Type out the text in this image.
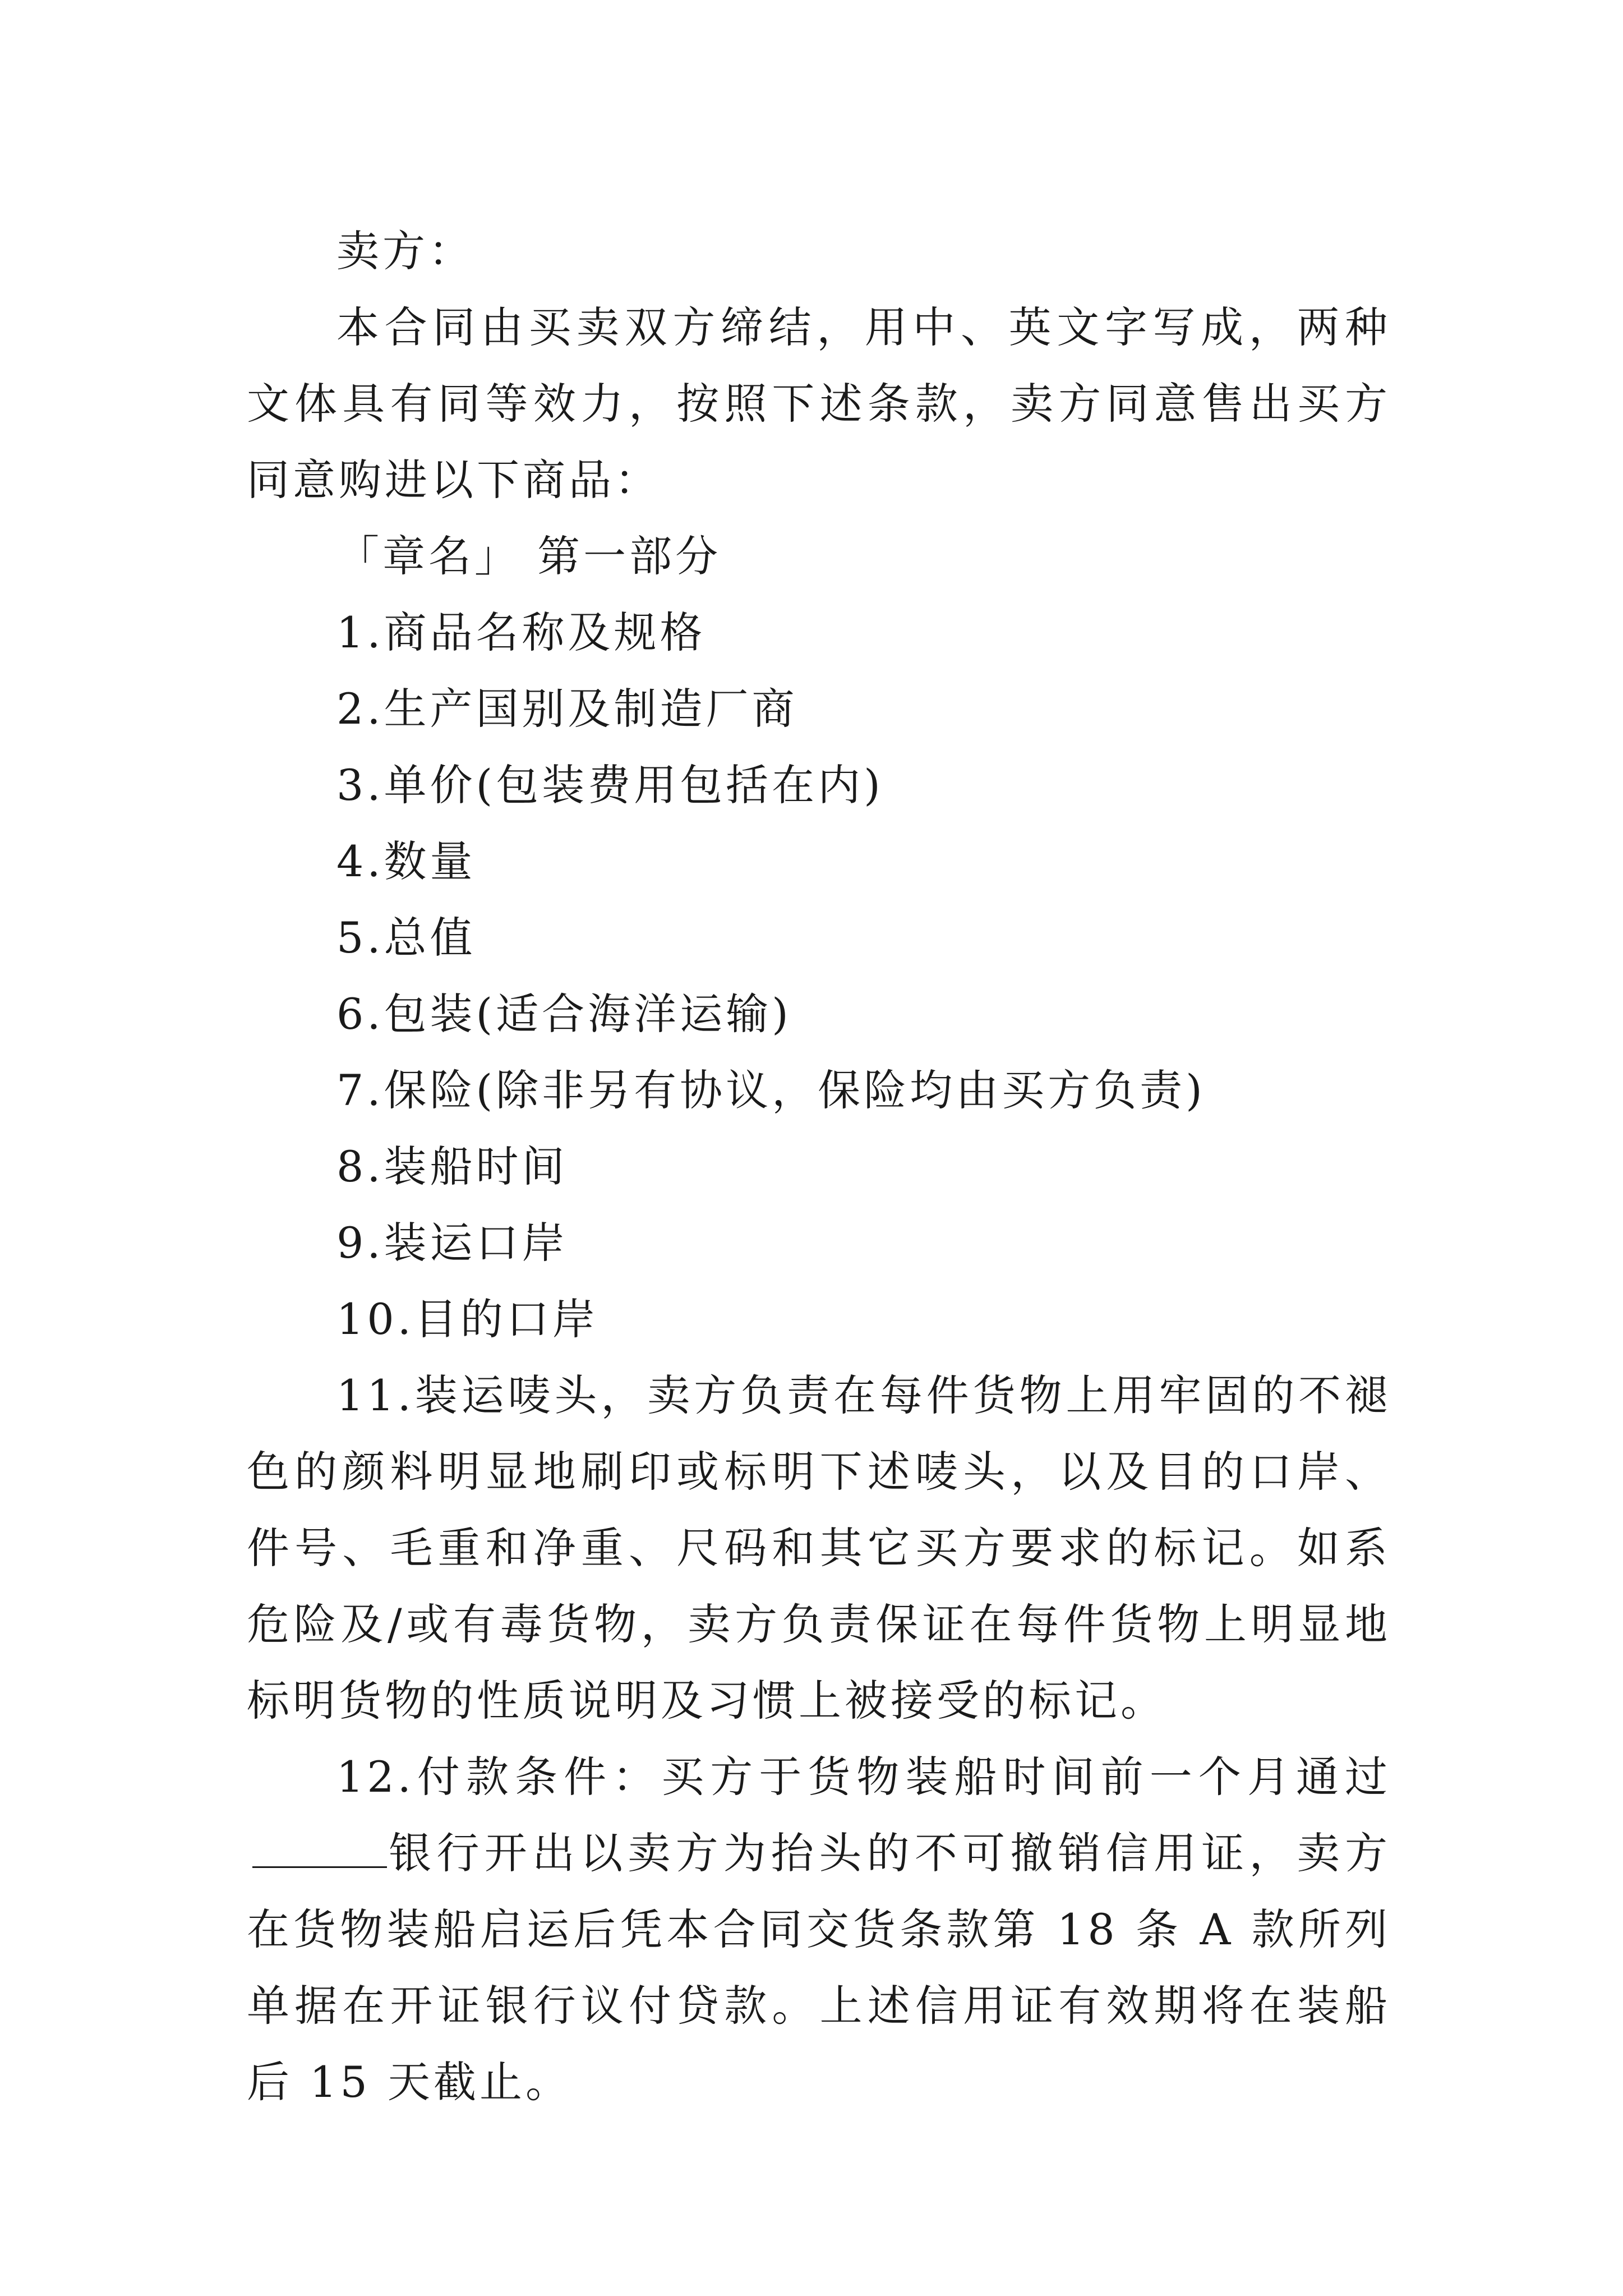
卖方：

本合同由买卖双方缔结，用中、英文字写成，两种文体具有同等效力，按照下述条款，卖方同意售出买方同意购进以下商品：

「章名」 第一部分

1.商品名称及规格

2.生产国别及制造厂商

3.单价(包装费用包括在内)

4.数量

5.总值

6.包装(适合海洋运输)

7.保险(除非另有协议，保险均由买方负责)

8.装船时间

9.装运口岸

10.目的口岸

11.装运唛头，卖方负责在每件货物上用牢固的不褪色的颜料明显地刷印或标明下述唛头，以及目的口岸、件号、毛重和净重、尺码和其它买方要求的标记。如系危险及/或有毒货物，卖方负责保证在每件货物上明显地标明货物的性质说明及习惯上被接受的标记。

12.付款条件：买方于货物装船时间前一个月通过银行开出以卖方为抬头的不可撤销信用证，卖方在货物装船启运后凭本合同交货条款第 18 条 A 款所列单据在开证银行议付贷款。上述信用证有效期将在装船后 15 天截止。
